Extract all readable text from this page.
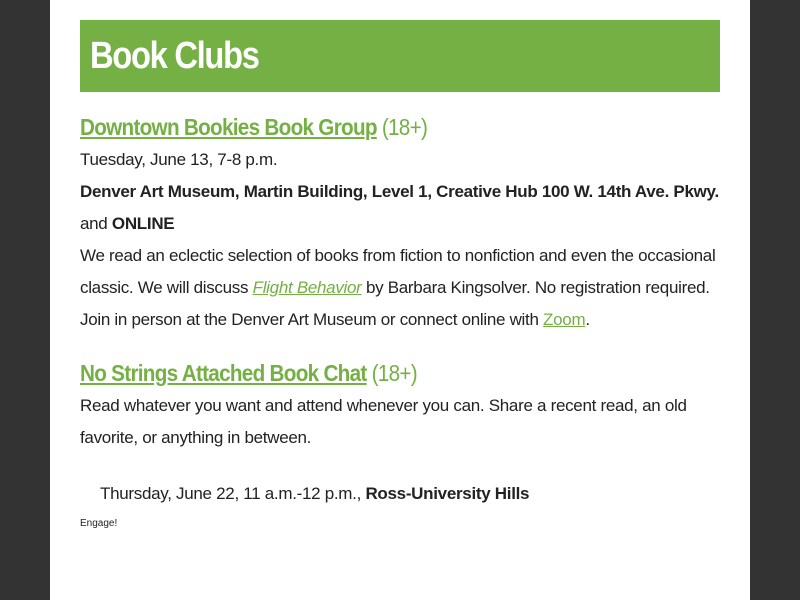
Book Clubs
Downtown Bookies Book Group (18+)
Tuesday, June 13, 7-8 p.m.
Denver Art Museum, Martin Building, Level 1, Creative Hub 100 W. 14th Ave. Pkwy.
and ONLINE
We read an eclectic selection of books from fiction to nonfiction and even the occasional classic. We will discuss Flight Behavior by Barbara Kingsolver. No registration required. Join in person at the Denver Art Museum or connect online with Zoom.
No Strings Attached Book Chat (18+)
Read whatever you want and attend whenever you can. Share a recent read, an old favorite, or anything in between.
Thursday, June 22, 11 a.m.-12 p.m., Ross-University Hills
Engage!
